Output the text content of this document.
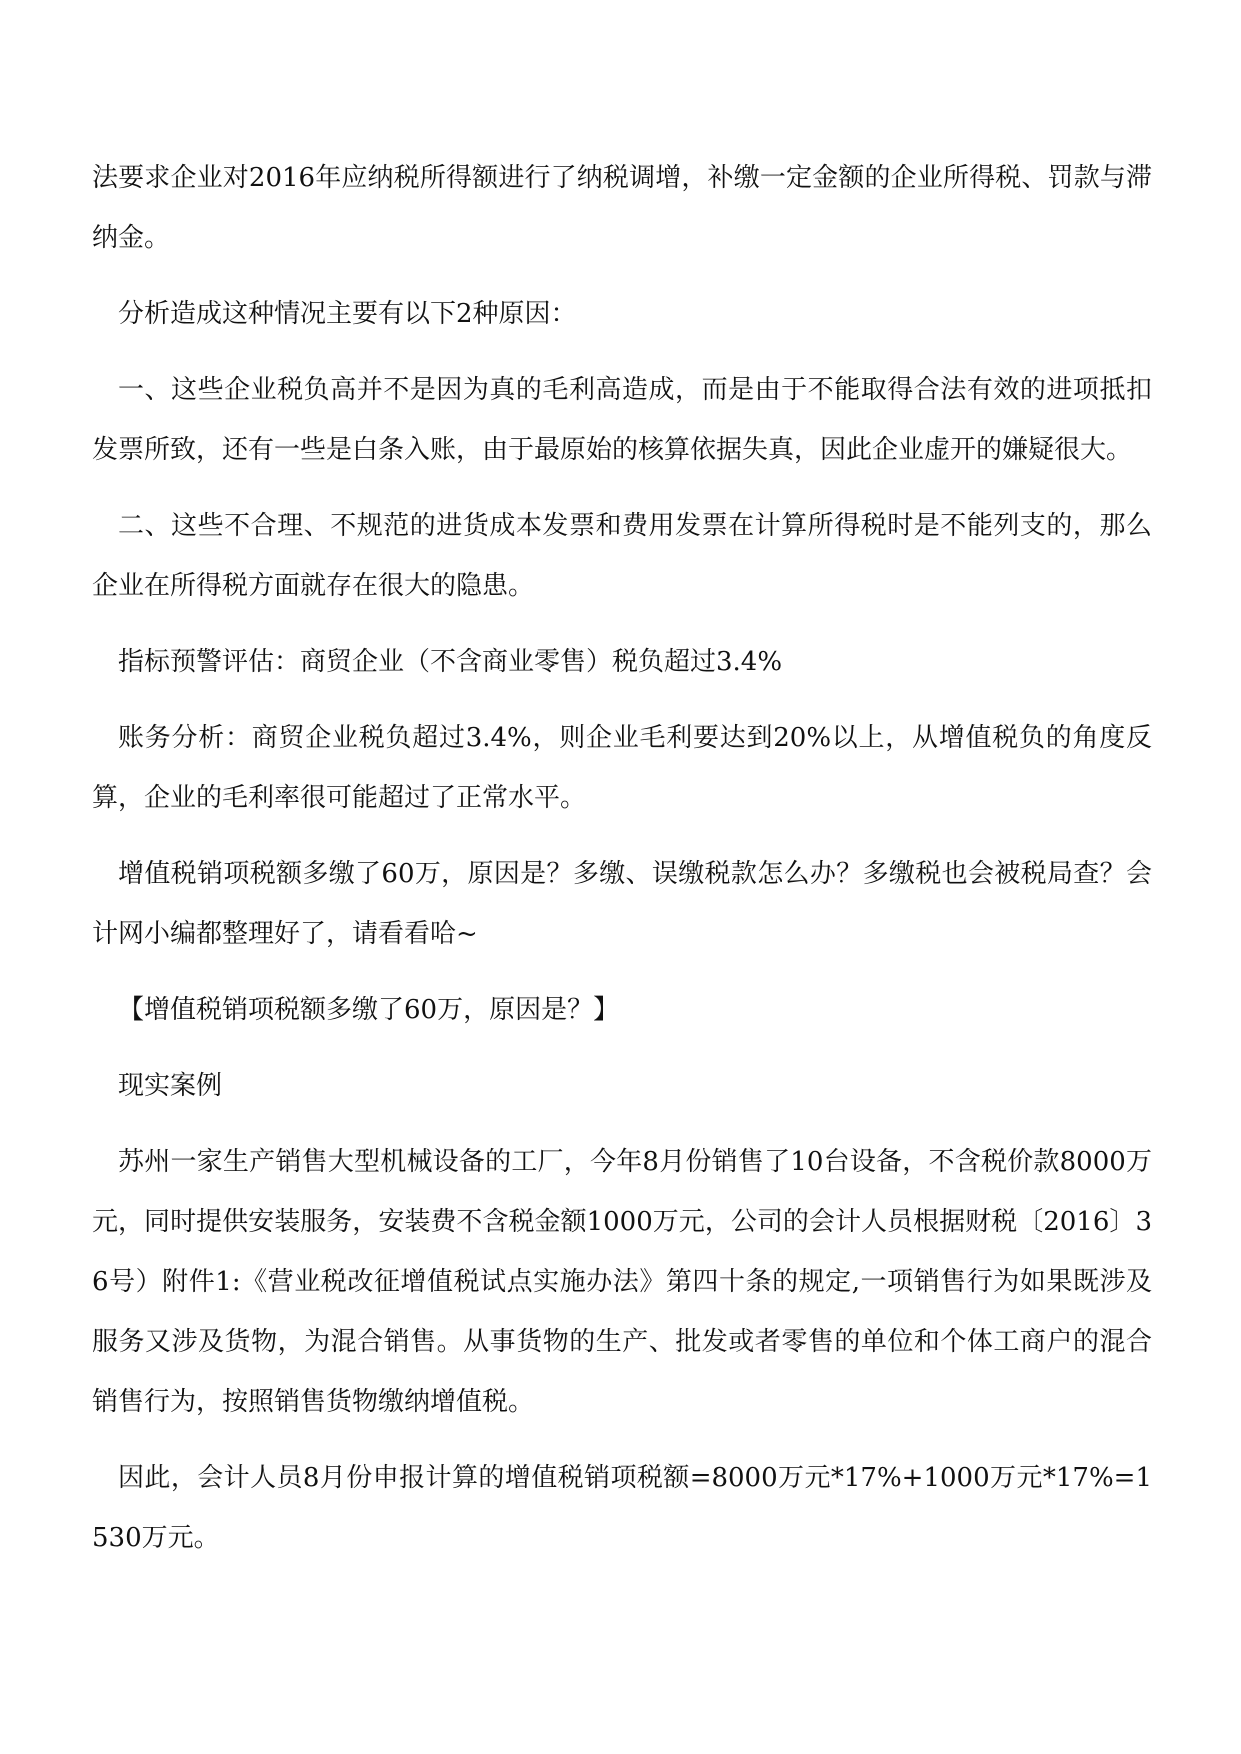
法要求企业对2016年应纳税所得额进行了纳税调增，补缴一定金额的企业所得税、罚款与滞纳金。

分析造成这种情况主要有以下2种原因：

一、这些企业税负高并不是因为真的毛利高造成，而是由于不能取得合法有效的进项抵扣发票所致，还有一些是白条入账，由于最原始的核算依据失真，因此企业虚开的嫌疑很大。

二、这些不合理、不规范的进货成本发票和费用发票在计算所得税时是不能列支的，那么企业在所得税方面就存在很大的隐患。

指标预警评估：商贸企业（不含商业零售）税负超过3.4%

账务分析：商贸企业税负超过3.4%，则企业毛利要达到20%以上，从增值税负的角度反算，企业的毛利率很可能超过了正常水平。

增值税销项税额多缴了60万，原因是？多缴、误缴税款怎么办？多缴税也会被税局查？会计网小编都整理好了，请看看哈~

【增值税销项税额多缴了60万，原因是？】

现实案例

苏州一家生产销售大型机械设备的工厂，今年8月份销售了10台设备，不含税价款8000万元，同时提供安装服务，安装费不含税金额1000万元，公司的会计人员根据财税〔2016〕36号）附件1:《营业税改征增值税试点实施办法》第四十条的规定,一项销售行为如果既涉及服务又涉及货物，为混合销售。从事货物的生产、批发或者零售的单位和个体工商户的混合销售行为，按照销售货物缴纳增值税。

因此，会计人员8月份申报计算的增值税销项税额=8000万元*17%+1000万元*17%=1530万元。
